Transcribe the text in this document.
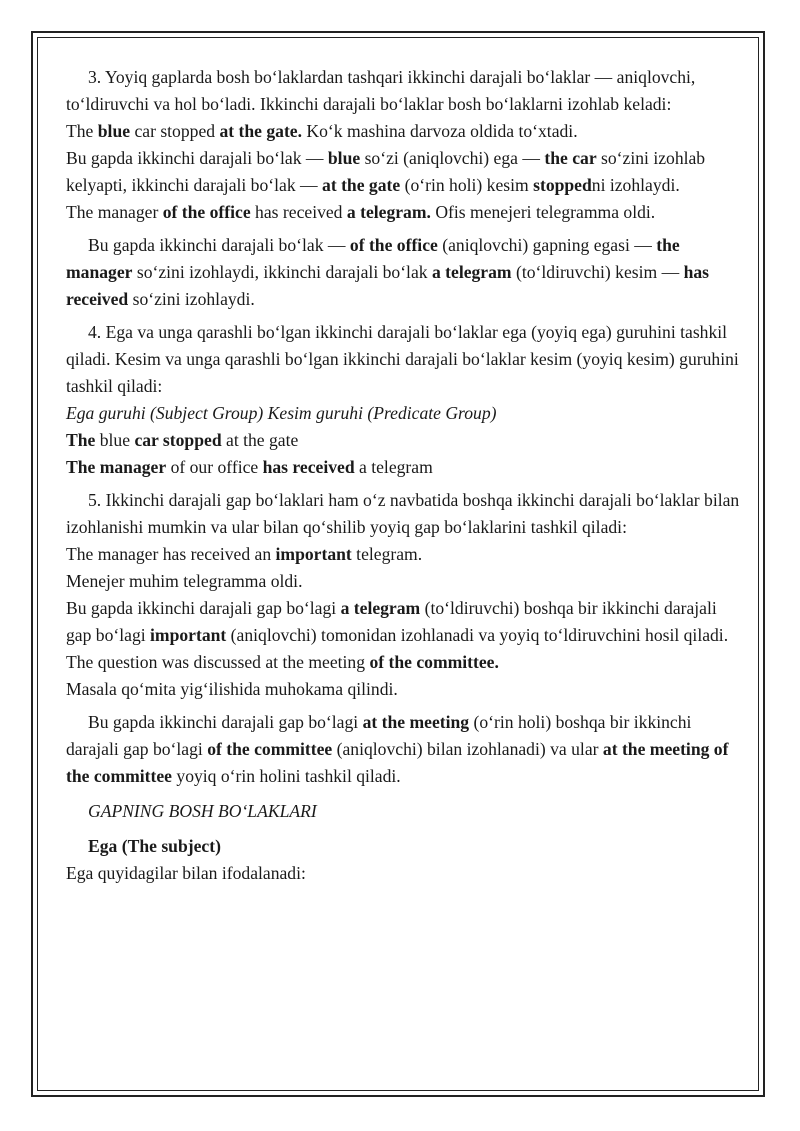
3. Yoyiq gaplarda bosh bo‘laklardan tashqari ikkinchi darajali bo‘laklar — aniqlovchi, to‘ldiruvchi va hol bo‘ladi. Ikkinchi darajali bo‘laklar bosh bo‘laklarni izohlab keladi:

The blue car stopped at the gate. Ko‘k mashina darvoza oldida to‘xtadi.

Bu gapda ikkinchi darajali bo‘lak — blue so‘zi (aniqlovchi) ega — the car so‘zini izohlab kelyapti, ikkinchi darajali bo‘lak — at the gate (o‘rin holi) kesim stoppedni izohlaydi.

The manager of the office has received a telegram. Ofis menejeri telegramma oldi.

Bu gapda ikkinchi darajali bo‘lak — of the office (aniqlovchi) gapning egasi — the manager so‘zini izohlaydi, ikkinchi darajali bo‘lak a telegram (to‘ldiruvchi) kesim — has received so‘zini izohlaydi.

4. Ega va unga qarashli bo‘lgan ikkinchi darajali bo‘laklar ega (yoyiq ega) guruhini tashkil qiladi. Kesim va unga qarashli bo‘lgan ikkinchi darajali bo‘laklar kesim (yoyiq kesim) guruhini tashkil qiladi:

Ega guruhi (Subject Group) Kesim guruhi (Predicate Group)

The blue car stopped at the gate

The manager of our office has received a telegram

5. Ikkinchi darajali gap bo‘laklari ham o‘z navbatida boshqa ikkinchi darajali bo‘laklar bilan izohlanishi mumkin va ular bilan qo‘shilib yoyiq gap bo‘laklarini tashkil qiladi:

The manager has received an important telegram.

Menejer muhim telegramma oldi.

Bu gapda ikkinchi darajali gap bo‘lagi a telegram (to‘ldiruvchi) boshqa bir ikkinchi darajali gap bo‘lagi important (aniqlovchi) tomonidan izohlanadi va yoyiq to‘ldiruvchini hosil qiladi.

The question was discussed at the meeting of the committee.

Masala qo‘mita yig‘ilishida muhokama qilindi.

Bu gapda ikkinchi darajali gap bo‘lagi at the meeting (o‘rin holi) boshqa bir ikkinchi darajali gap bo‘lagi of the committee (aniqlovchi) bilan izohlanadi) va ular at the meeting of the committee yoyiq o‘rin holini tashkil qiladi.

GAPNING BOSH BO‘LAKLARI

Ega (The subject)

Ega quyidagilar bilan ifodalanadi:
